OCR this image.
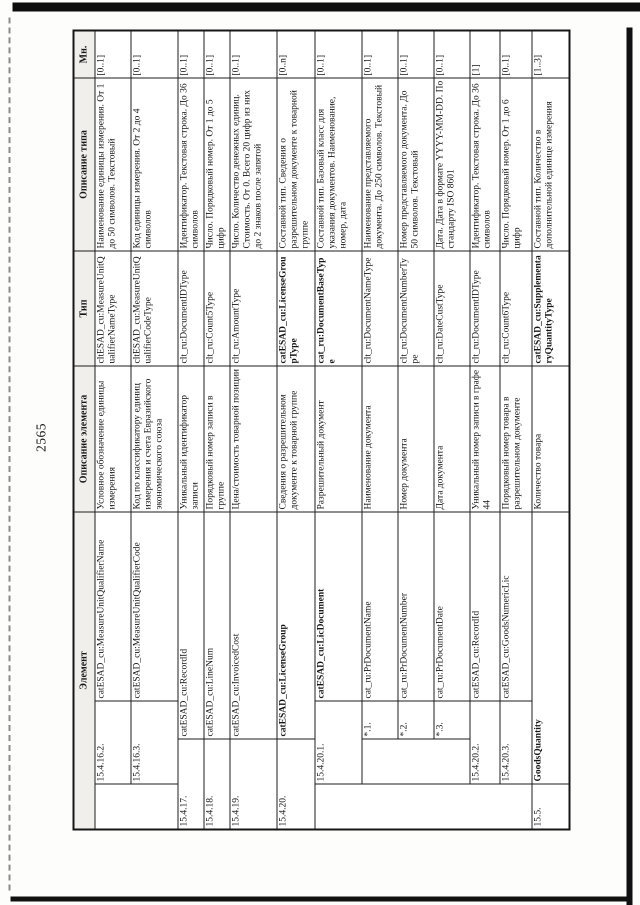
2565
Элемент
Описание элемента
Тип
Описание типа
Мн.
15.4.16.2.
catESAD_cu:MeasureUnitQualifierName
Условное обозначение единицы измерения
cltESAD_cu:MeasureUnitQualifierNameType
Наименование единицы измерения. От 1 до 50 символов. Текстовый
[0..1]
15.4.16.3.
catESAD_cu:MeasureUnitQualifierCode
Код по классификатору единиц измерения и счета Евразийского экономического союза
cltESAD_cu:MeasureUnitQualifierCodeType
Код единицы измерения. От 2 до 4 символов
[0..1]
15.4.17.
catESAD_cu:RecordId
Уникальный идентификатор записи
clt_ru:DocumentIDType
Идентификатор. Текстовая строка. До 36 символов
[0..1]
15.4.18.
catESAD_cu:LineNum
Порядковый номер записи в группе
clt_ru:Count5Type
Число. Порядковый номер. От 1 до 5 цифр
[0..1]
15.4.19.
catESAD_cu:InvoicedCost
Цена/стоимость товарной позиции
clt_ru:AmountType
Число. Количество денежных единиц. Стоимость. От 0. Всего 20 цифр из них до 2 знаков после запятой
[0..1]
15.4.20.
catESAD_cu:LicenseGroup
Сведения о разрешительном документе к товарной группе
catESAD_cu:LicenseGroupType
Составной тип. Сведения о разрешительном документе к товарной группе
[0..n]
15.4.20.1.
catESAD_cu:LicDocument
Разрешительный документ
cat_ru:DocumentBaseType
Составной тип. Базовый класс для указания документов. Наименование, номер, дата
[0..1]
*.1.
cat_ru:PrDocumentName
Наименование документа
clt_ru:DocumentNameType
Наименование представляемого документа. До 250 символов. Текстовый
[0..1]
*.2.
cat_ru:PrDocumentNumber
Номер документа
clt_ru:DocumentNumberType
Номер представляемого документа. До 50 символов. Текстовый
[0..1]
*.3.
cat_ru:PrDocumentDate
Дата документа
clt_ru:DateCustType
Дата. Дата в формате YYYY-MM-DD. По стандарту ISO 8601
[0..1]
15.4.20.2.
catESAD_cu:RecordId
Уникальный номер записи в графе 44
clt_ru:DocumentIDType
Идентификатор. Текстовая строка. До 36 символов
[1]
15.4.20.3.
catESAD_cu:GoodsNumericLic
Порядковый номер товара в разрешительном документе
clt_ru:Count6Type
Число. Порядковый номер. От 1 до 6 цифр
[0..1]
15.5.
GoodsQuantity
Количество товара
catESAD_cu:SupplementaryQuantityType
Составной тип. Количество в дополнительной единице измерения
[1..3]
